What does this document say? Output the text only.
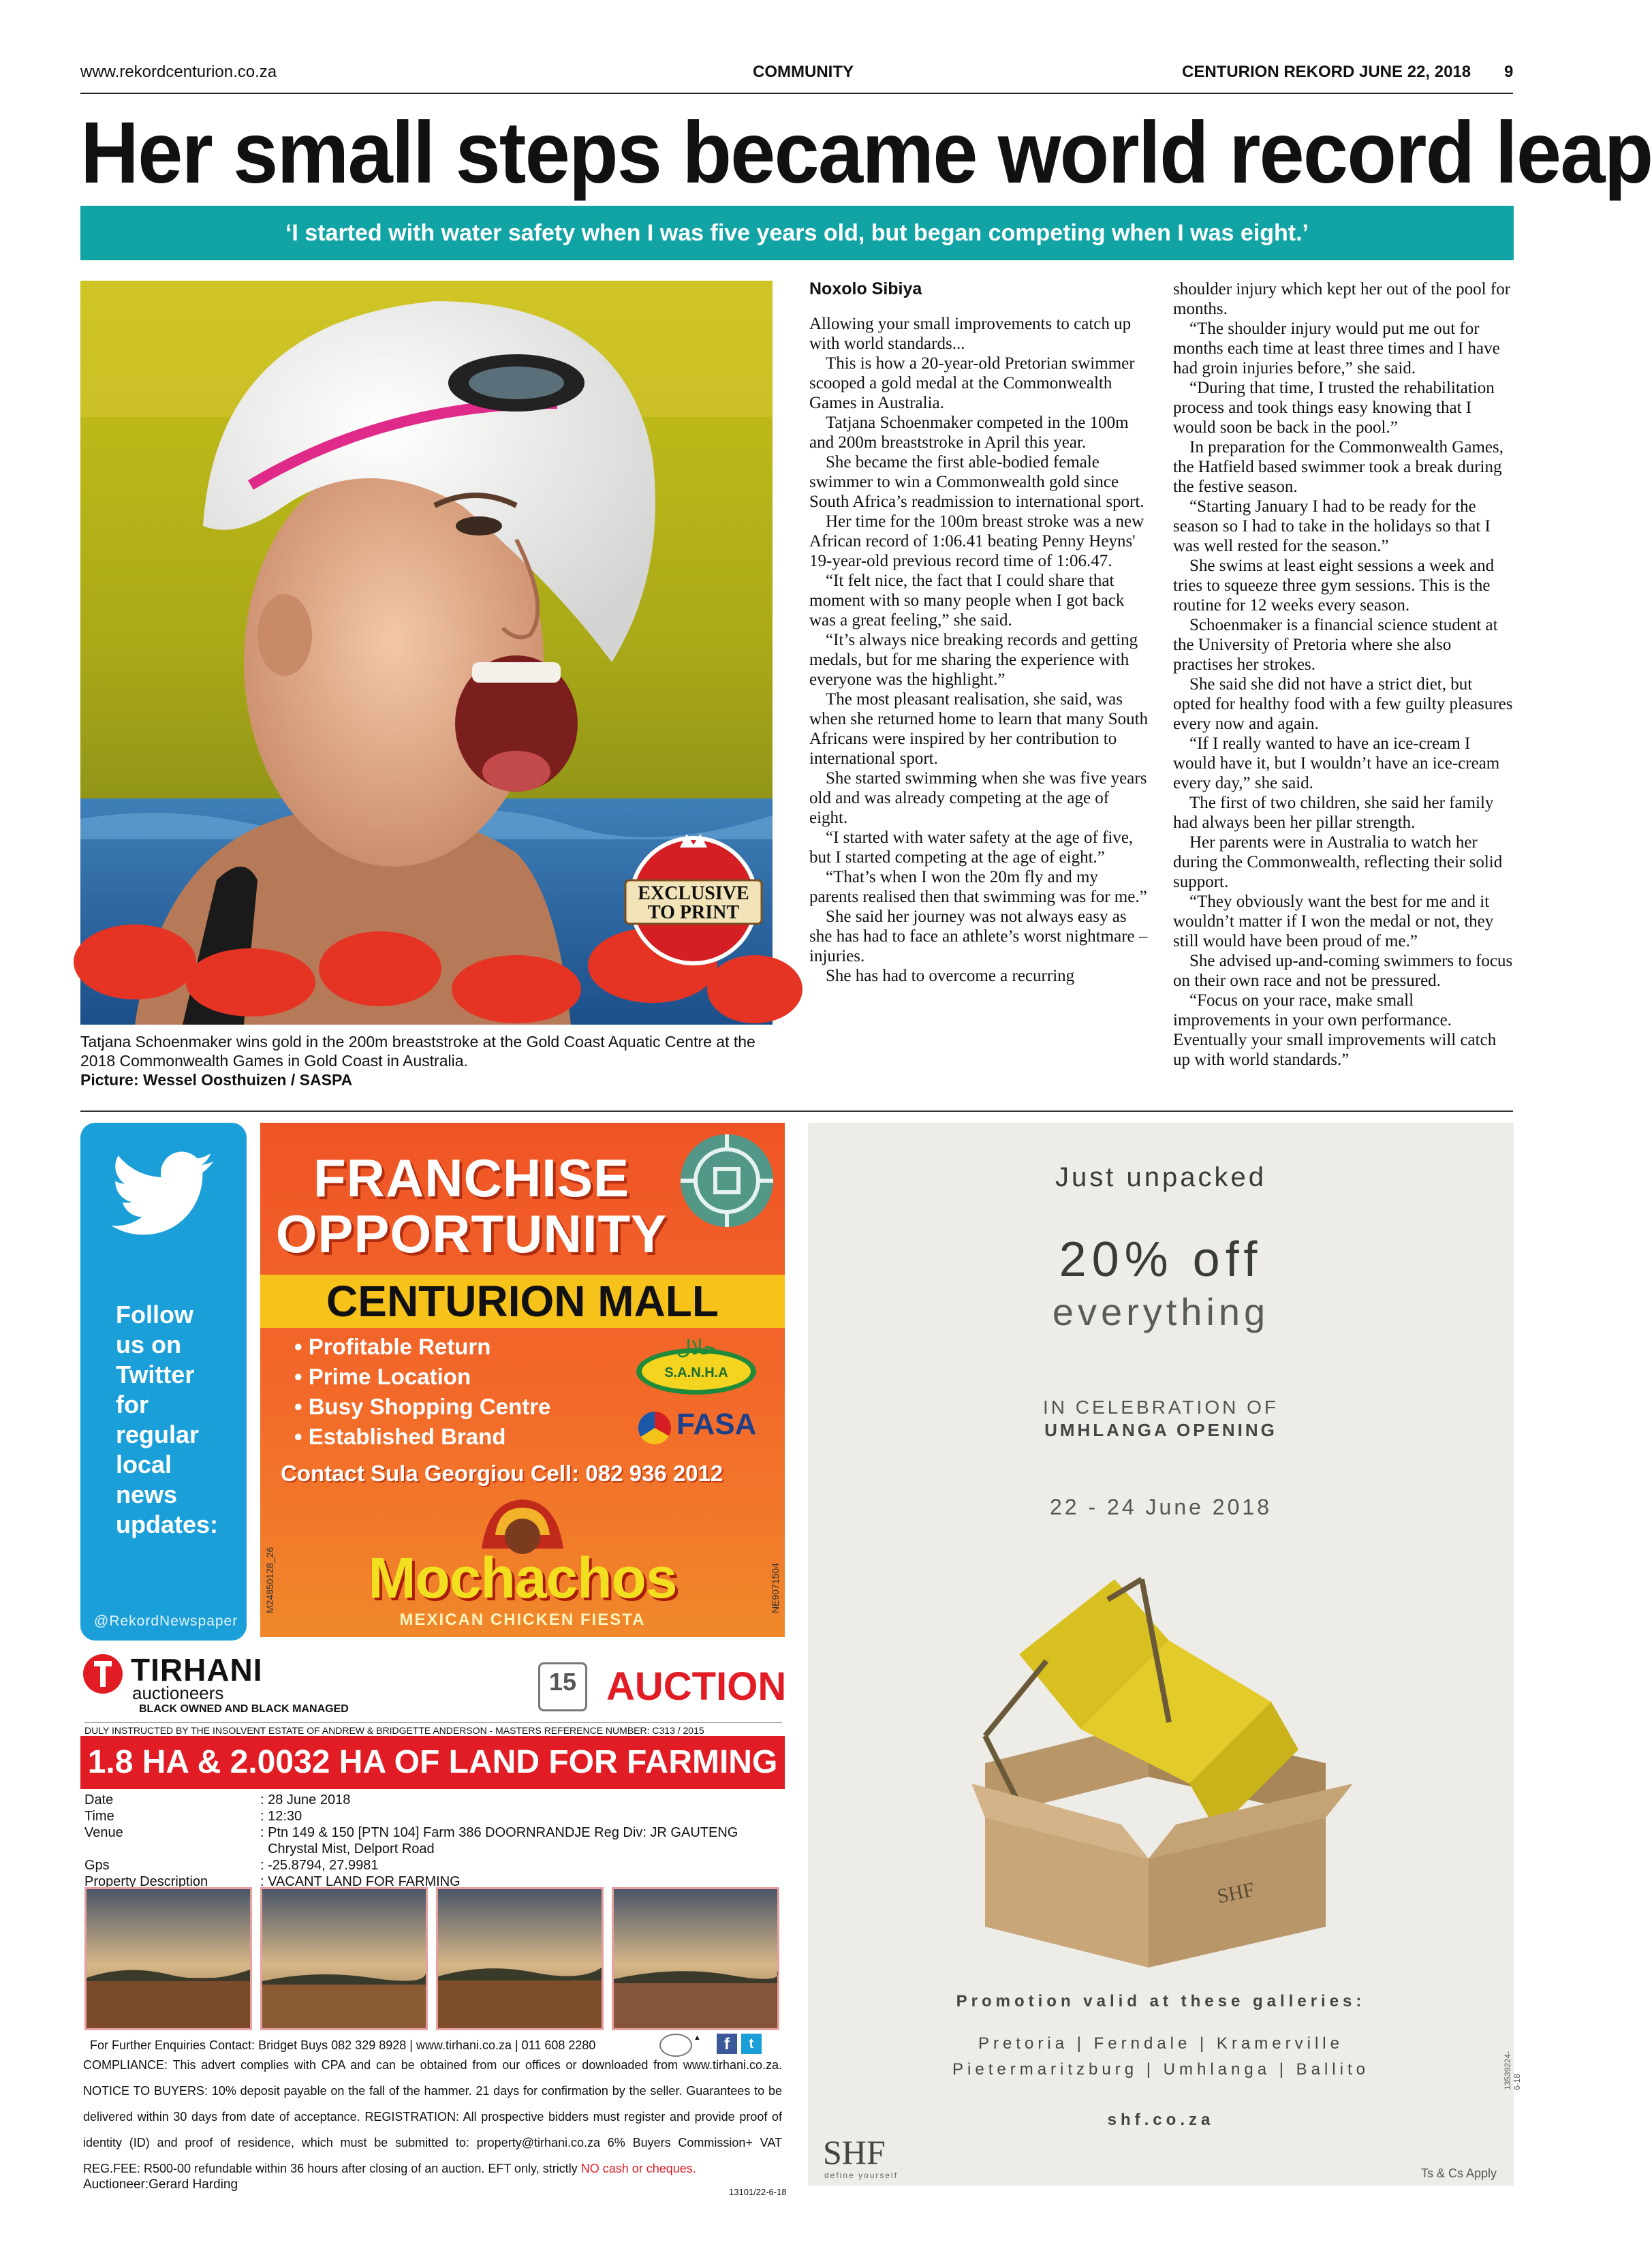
www.rekordcenturion.co.za	COMMUNITY	CENTURION REKORD JUNE 22, 2018 9
Her small steps became world record leap
‘I started with water safety when I was five years old, but began competing when I was eight.’
EXCLUSIVE
TO PRINT
Tatjana Schoenmaker wins gold in the 200m breaststroke at the Gold Coast Aquatic Centre at the 2018 Commonwealth Games in Gold Coast in Australia.
Picture: Wessel Oosthuizen / SASPA
Noxolo Sibiya

Allowing your small improvements to catch up with world standards...

This is how a 20-year-old Pretorian swimmer scooped a gold medal at the Commonwealth Games in Australia.

Tatjana Schoenmaker competed in the 100m and 200m breaststroke in April this year.

She became the first able-bodied female swimmer to win a Commonwealth gold since South Africa’s readmission to international sport.

Her time for the 100m breast stroke was a new African record of 1:06.41 beating Penny Heyns' 19-year-old previous record time of 1:06.47.

“It felt nice, the fact that I could share that moment with so many people when I got back was a great feeling,” she said.

“It’s always nice breaking records and getting medals, but for me sharing the experience with everyone was the highlight.”

The most pleasant realisation, she said, was when she returned home to learn that many South Africans were inspired by her contribution to international sport.

She started swimming when she was five years old and was already competing at the age of eight.

“I started with water safety at the age of five, but I started competing at the age of eight.”

“That’s when I won the 20m fly and my parents realised then that swimming was for me.”

She said her journey was not always easy as she has had to face an athlete’s worst nightmare – injuries.

She has had to overcome a recurring

shoulder injury which kept her out of the pool for months.

“The shoulder injury would put me out for months each time at least three times and I have had groin injuries before,” she said.

“During that time, I trusted the rehabilitation process and took things easy knowing that I would soon be back in the pool.”

In preparation for the Commonwealth Games, the Hatfield based swimmer took a break during the festive season.

“Starting January I had to be ready for the season so I had to take in the holidays so that I was well rested for the season.”

She swims at least eight sessions a week and tries to squeeze three gym sessions. This is the routine for 12 weeks every season.

Schoenmaker is a financial science student at the University of Pretoria where she also practises her strokes.

She said she did not have a strict diet, but opted for healthy food with a few guilty pleasures every now and again.

“If I really wanted to have an ice-cream I would have it, but I wouldn’t have an ice-cream every day,” she said.

The first of two children, she said her family had always been her pillar strength.

Her parents were in Australia to watch her during the Commonwealth, reflecting their solid support.

“They obviously want the best for me and it wouldn’t matter if I won the medal or not, they still would have been proud of me.”

She advised up-and-coming swimmers to focus on their own race and not be pressured.

“Focus on your race, make small improvements in your own performance. Eventually your small improvements will catch up with world standards.”

Follow
us on
Twitter
for
regular
local
news
updates:
@RekordNewspaper
FRANCHISE
OPPORTUNITY
CENTURION MALL
• Profitable Return
• Prime Location
• Busy Shopping Centre
• Established Brand
S.A.N.H.A
حلال
FASA
Contact Sula Georgiou Cell: 082 936 2012
Mochachos
MEXICAN CHICKEN FIESTA
M24850128_26	NE9071504
TIRHANI
auctioneers
BLACK OWNED AND BLACK MANAGED
15 AUCTION
DULY INSTRUCTED BY THE INSOLVENT ESTATE OF ANDREW & BRIDGETTE ANDERSON - MASTERS REFERENCE NUMBER: C313 / 2015
1.8 HA & 2.0032 HA OF LAND FOR FARMING
Date	: 28 June 2018
Time	: 12:30
Venue	: Ptn 149 & 150 [PTN 104] Farm 386 DOORNRANDJE Reg Div: JR GAUTENG
Chrystal Mist, Delport Road
Gps	: -25.8794, 27.9981
Property Description	: VACANT LAND FOR FARMING
For Further Enquiries Contact: Bridget Buys 082 329 8928 | www.tirhani.co.za | 011 608 2280	f	t
▲
COMPLIANCE: This advert complies with CPA and can be obtained from our offices or downloaded from www.tirhani.co.za. NOTICE TO BUYERS: 10% deposit payable on the fall of the hammer. 21 days for confirmation by the seller. Guarantees to be delivered within 30 days from date of acceptance. REGISTRATION: All prospective bidders must register and provide proof of identity (ID) and proof of residence, which must be submitted to: property@tirhani.co.za 6% Buyers Commission+ VAT REG.FEE: R500-00 refundable within 36 hours after closing of an auction. EFT only, strictly NO cash or cheques.
Auctioneer:Gerard Harding
13101/22-6-18
Just unpacked
20% off
everything
IN CELEBRATION OF
UMHLANGA OPENING
22 - 24 June 2018
SHF
Promotion valid at these galleries:
Pretoria | Ferndale | Kramerville
Pietermaritzburg | Umhlanga | Ballito
shf.co.za
SHF
define yourself	Ts & Cs Apply
13539224-6-18
